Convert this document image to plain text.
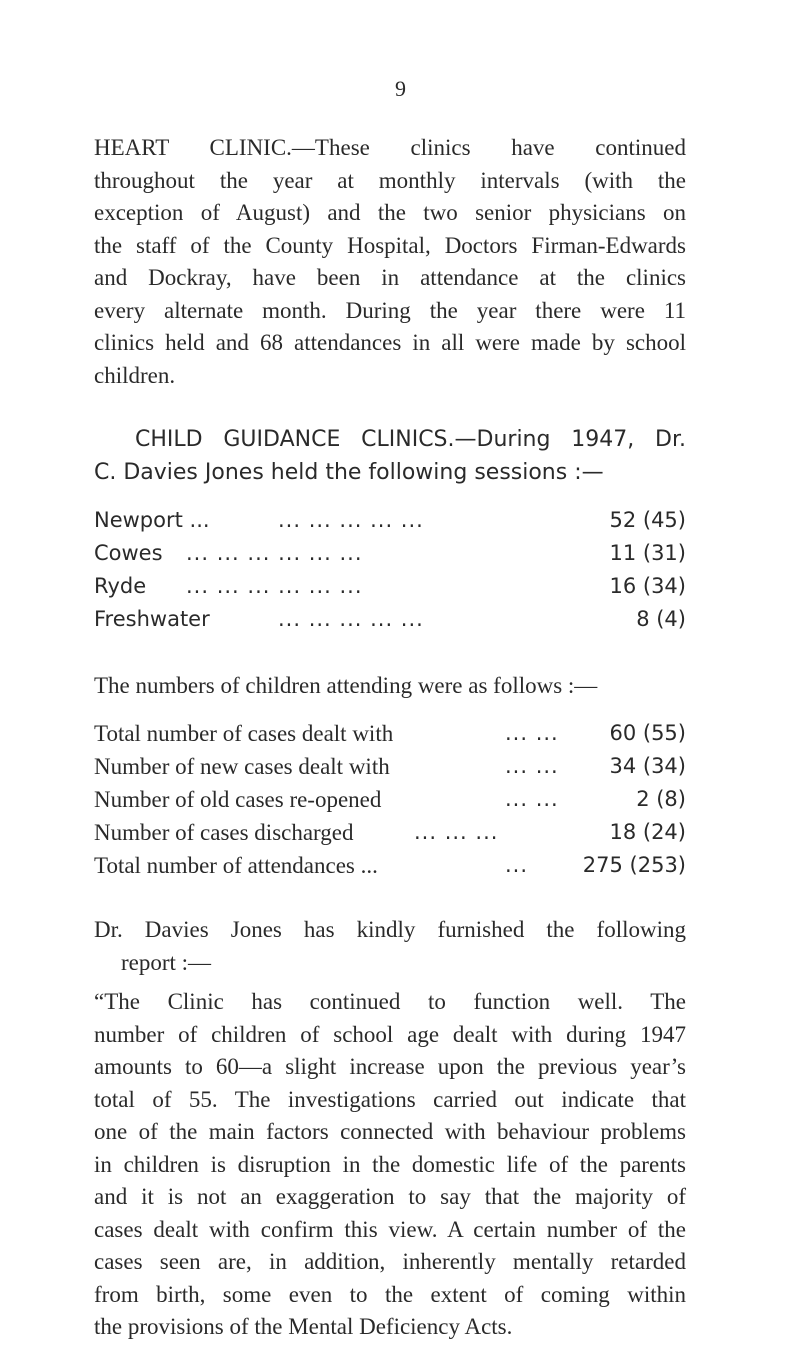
9
HEART CLINIC.—These clinics have continued
throughout the year at monthly intervals (with the
exception of August) and the two senior physicians on
the staff of the County Hospital, Doctors Firman-Edwards
and Dockray, have been in attendance at the clinics
every alternate month. During the year there were 11
clinics held and 68 attendances in all were made by school
children.
CHILD GUIDANCE CLINICS.—During 1947, Dr.
C. Davies Jones held the following sessions :—
Newport ...	... ... ... ... ...	52 (45)
Cowes ... ... ... ... ... ...	11 (31)
Ryde ... ... ... ... ... ...	16 (34)
Freshwater	... ... ... ... ...	8 (4)
The numbers of children attending were as follows :—
Total number of cases dealt with	... ... 60 (55)
Number of new cases dealt with	... ... 34 (34)
Number of old cases re-opened	... ...	2 (8)
Number of cases discharged	... ... ...	18 (24)
Total number of attendances ...	...	275 (253)
Dr. Davies Jones has kindly furnished the following
report :—
“The Clinic has continued to function well. The
number of children of school age dealt with during 1947
amounts to 60—a slight increase upon the previous year’s
total of 55. The investigations carried out indicate that
one of the main factors connected with behaviour problems
in children is disruption in the domestic life of the parents
and it is not an exaggeration to say that the majority of
cases dealt with confirm this view. A certain number of the
cases seen are, in addition, inherently mentally retarded
from birth, some even to the extent of coming within
the provisions of the Mental Deficiency Acts.
